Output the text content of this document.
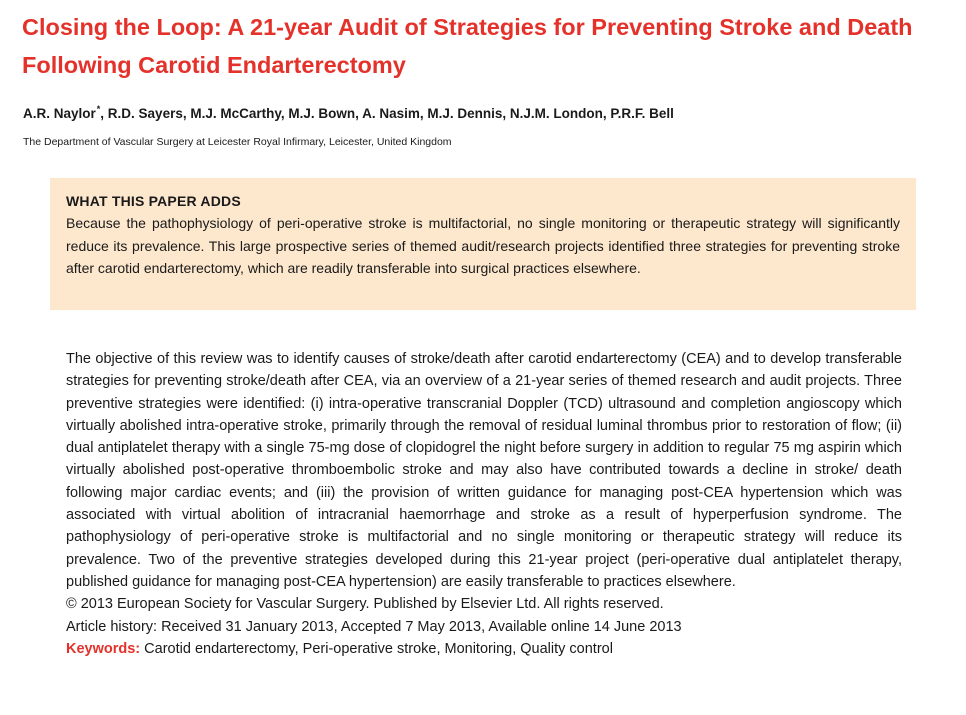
Closing the Loop: A 21-year Audit of Strategies for Preventing Stroke and Death Following Carotid Endarterectomy
A.R. Naylor*, R.D. Sayers, M.J. McCarthy, M.J. Bown, A. Nasim, M.J. Dennis, N.J.M. London, P.R.F. Bell
The Department of Vascular Surgery at Leicester Royal Infirmary, Leicester, United Kingdom
WHAT THIS PAPER ADDS
Because the pathophysiology of peri-operative stroke is multifactorial, no single monitoring or therapeutic strategy will significantly reduce its prevalence. This large prospective series of themed audit/research projects identified three strategies for preventing stroke after carotid endarterectomy, which are readily transferable into surgical practices elsewhere.
The objective of this review was to identify causes of stroke/death after carotid endarterectomy (CEA) and to develop transferable strategies for preventing stroke/death after CEA, via an overview of a 21-year series of themed research and audit projects. Three preventive strategies were identified: (i) intra-operative transcranial Doppler (TCD) ultrasound and completion angioscopy which virtually abolished intra-operative stroke, primarily through the removal of residual luminal thrombus prior to restoration of flow; (ii) dual antiplatelet therapy with a single 75-mg dose of clopidogrel the night before surgery in addition to regular 75 mg aspirin which virtually abolished post-operative thromboembolic stroke and may also have contributed towards a decline in stroke/ death following major cardiac events; and (iii) the provision of written guidance for managing post-CEA hypertension which was associated with virtual abolition of intracranial haemorrhage and stroke as a result of hyperperfusion syndrome. The pathophysiology of peri-operative stroke is multifactorial and no single monitoring or therapeutic strategy will reduce its prevalence. Two of the preventive strategies developed during this 21-year project (peri-operative dual antiplatelet therapy, published guidance for managing post-CEA hypertension) are easily transferable to practices elsewhere.
© 2013 European Society for Vascular Surgery. Published by Elsevier Ltd. All rights reserved.
Article history: Received 31 January 2013, Accepted 7 May 2013, Available online 14 June 2013
Keywords: Carotid endarterectomy, Peri-operative stroke, Monitoring, Quality control
